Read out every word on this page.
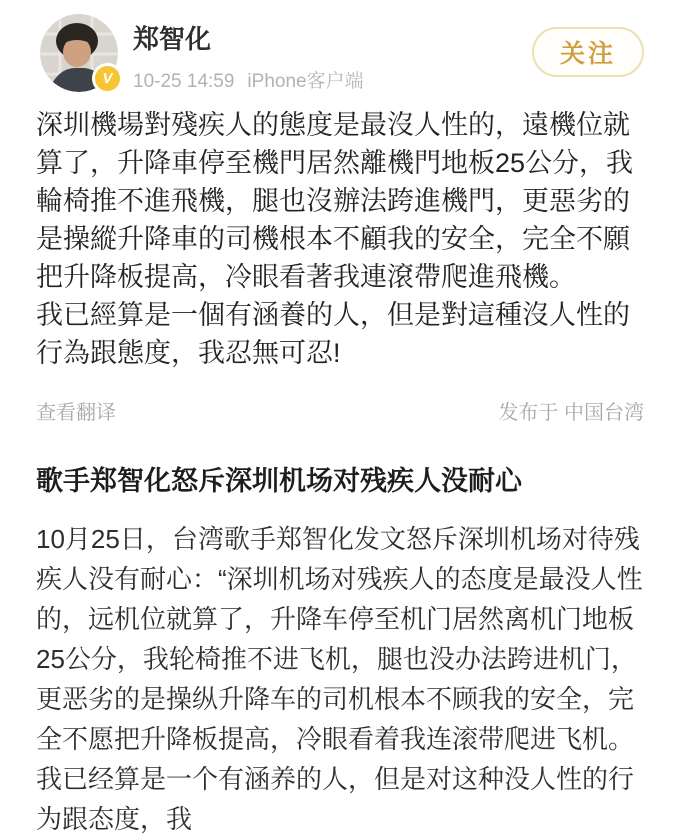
V
郑智化
10-25 14:59 iPhone客户端
关注

深圳機場對殘疾人的態度是最沒人性的，遠機位就算了，升降車停至機門居然離機門地板25公分，我輪椅推不進飛機，腿也沒辦法跨進機門，更惡劣的是操縱升降車的司機根本不顧我的安全，完全不願把升降板提高，冷眼看著我連滾帶爬進飛機。

我已經算是一個有涵養的人，但是對這種沒人性的行為跟態度，我忍無可忍!

查看翻译	发布于 中国台湾
歌手郑智化怒斥深圳机场对残疾人没耐心

10月25日，台湾歌手郑智化发文怒斥深圳机场对待残疾人没有耐心：“深圳机场对残疾人的态度是最没人性的，远机位就算了，升降车停至机门居然离机门地板25公分，我轮椅推不进飞机，腿也没办法跨进机门，更恶劣的是操纵升降车的司机根本不顾我的安全，完全不愿把升降板提高，冷眼看着我连滚带爬进飞机。我已经算是一个有涵养的人，但是对这种没人性的行为跟态度，我
